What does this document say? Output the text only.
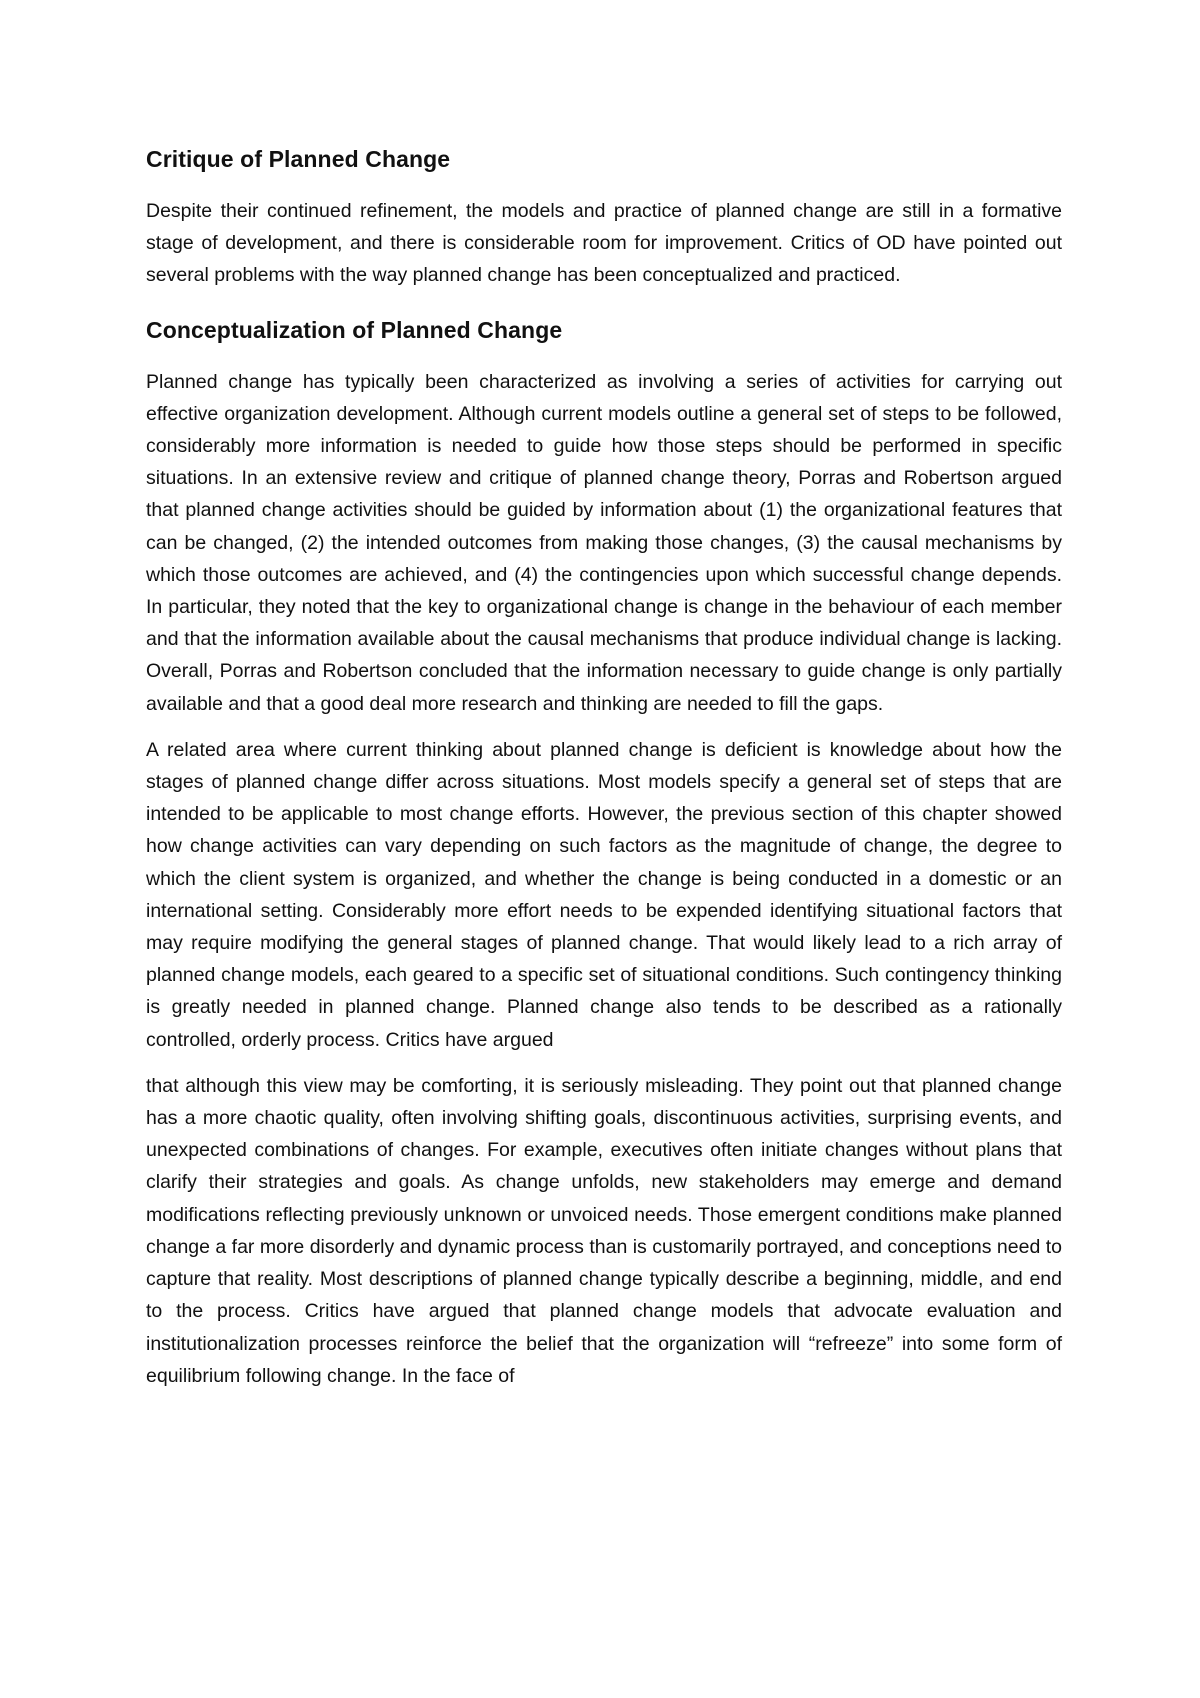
Critique of Planned Change

Despite their continued refinement, the models and practice of planned change are still in a formative stage of development, and there is considerable room for improvement. Critics of OD have pointed out several problems with the way planned change has been conceptualized and practiced.

Conceptualization of Planned Change

Planned change has typically been characterized as involving a series of activities for carrying out effective organization development. Although current models outline a general set of steps to be followed, considerably more information is needed to guide how those steps should be performed in specific situations. In an extensive review and critique of planned change theory, Porras and Robertson argued that planned change activities should be guided by information about (1) the organizational features that can be changed, (2) the intended outcomes from making those changes, (3) the causal mechanisms by which those outcomes are achieved, and (4) the contingencies upon which successful change depends. In particular, they noted that the key to organizational change is change in the behaviour of each member and that the information available about the causal mechanisms that produce individual change is lacking. Overall, Porras and Robertson concluded that the information necessary to guide change is only partially available and that a good deal more research and thinking are needed to fill the gaps.

A related area where current thinking about planned change is deficient is knowledge about how the stages of planned change differ across situations. Most models specify a general set of steps that are intended to be applicable to most change efforts. However, the previous section of this chapter showed how change activities can vary depending on such factors as the magnitude of change, the degree to which the client system is organized, and whether the change is being conducted in a domestic or an international setting. Considerably more effort needs to be expended identifying situational factors that may require modifying the general stages of planned change. That would likely lead to a rich array of planned change models, each geared to a specific set of situational conditions. Such contingency thinking is greatly needed in planned change. Planned change also tends to be described as a rationally controlled, orderly process. Critics have argued

that although this view may be comforting, it is seriously misleading. They point out that planned change has a more chaotic quality, often involving shifting goals, discontinuous activities, surprising events, and unexpected combinations of changes. For example, executives often initiate changes without plans that clarify their strategies and goals. As change unfolds, new stakeholders may emerge and demand modifications reflecting previously unknown or unvoiced needs. Those emergent conditions make planned change a far more disorderly and dynamic process than is customarily portrayed, and conceptions need to capture that reality. Most descriptions of planned change typically describe a beginning, middle, and end to the process. Critics have argued that planned change models that advocate evaluation and institutionalization processes reinforce the belief that the organization will “refreeze” into some form of equilibrium following change. In the face of
